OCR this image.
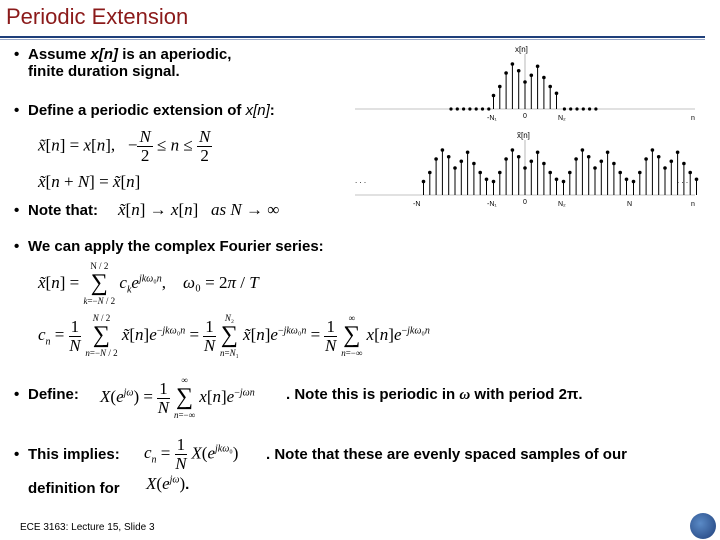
Periodic Extension
• Assume x[n] is an aperiodic,
finite duration signal.
• Define a periodic extension of x[n]:
x̃[n] = x[n],   − $\frac{N}{2} \le n \le \frac{N}{2}$
x̃[n + N] = x̃[n]
• Note that: x̃[n] → x[n]   as N → ∞
• We can apply the complex Fourier series:
x̃[n] =
N / 2
∑
k=−N / 2
$c_ke^{jk\omega_0n}$,    ω₀ = 2π / T
$c_n = \frac{1}{N}$
	N / 2
∑
n=−N / 2
$x̃[n]e^{-jk\omega_0n} = \frac{1}{N}$
	N₂
∑
n=N₁
$x̃[n]e^{-jk\omega_0n} = \frac{1}{N}$
	∞
∑
n=−∞
$x[n]e^{-jk\omega_0n}$
• Define: $X(e^{j\omega}) = \frac{1}{N}$
	∞
∑
n=−∞
$x[n]e^{-j\omega n}$ . Note this is periodic in ω with period 2π.
• This implies: $c_n = \frac{1}{N} X(e^{jk\omega_0})$ . Note that these are evenly spaced samples of our
definition for $X(e^{j\omega})$.
x[n]
-N₁	0	N₂	n
x̃[n]
. . .	. . .
-N	-N₁	0	N₂	N	n
ECE 3163: Lecture 15, Slide 3
